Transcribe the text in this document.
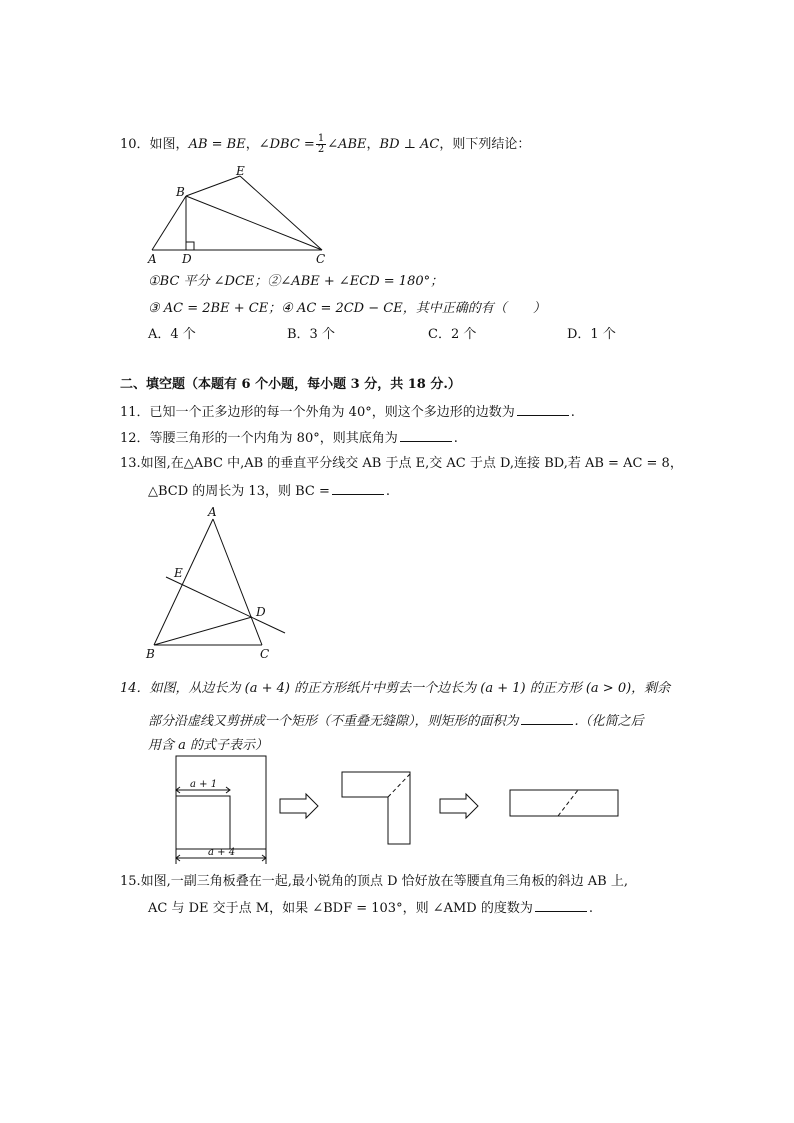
10．如图，AB = BE，∠DBC = $\frac{1}{2}$ ∠ABE，BD ⊥ AC，则下列结论：
A D	C
B
E
①BC 平分 ∠DCE；②∠ABE + ∠ECD = 180°；
③ AC = 2BE + CE；④ AC = 2CD − CE，其中正确的有（　　）
A．4 个	B．3 个	C．2 个	D．1 个
二、填空题（本题有 6 个小题，每小题 3 分，共 18 分.）
11．已知一个正多边形的每一个外角为 40°，则这个多边形的边数为	.
12．等腰三角形的一个内角为 80°，则其底角为	.
13.如图,在△ABC 中,AB 的垂直平分线交 AB 于点 E,交 AC 于点 D,连接 BD,若 AB = AC = 8，
△BCD 的周长为 13，则 BC =	.
A
E
D
B	C
14．如图，从边长为 (a + 4) 的正方形纸片中剪去一个边长为 (a + 1) 的正方形 (a > 0)，剩余
部分沿虚线又剪拼成一个矩形（不重叠无缝隙），则矩形的面积为	.（化简之后
用含 a 的式子表示）
a + 1
a + 4
15.如图,一副三角板叠在一起,最小锐角的顶点 D 恰好放在等腰直角三角板的斜边 AB 上,
AC 与 DE 交于点 M，如果 ∠BDF = 103°，则 ∠AMD 的度数为	.
